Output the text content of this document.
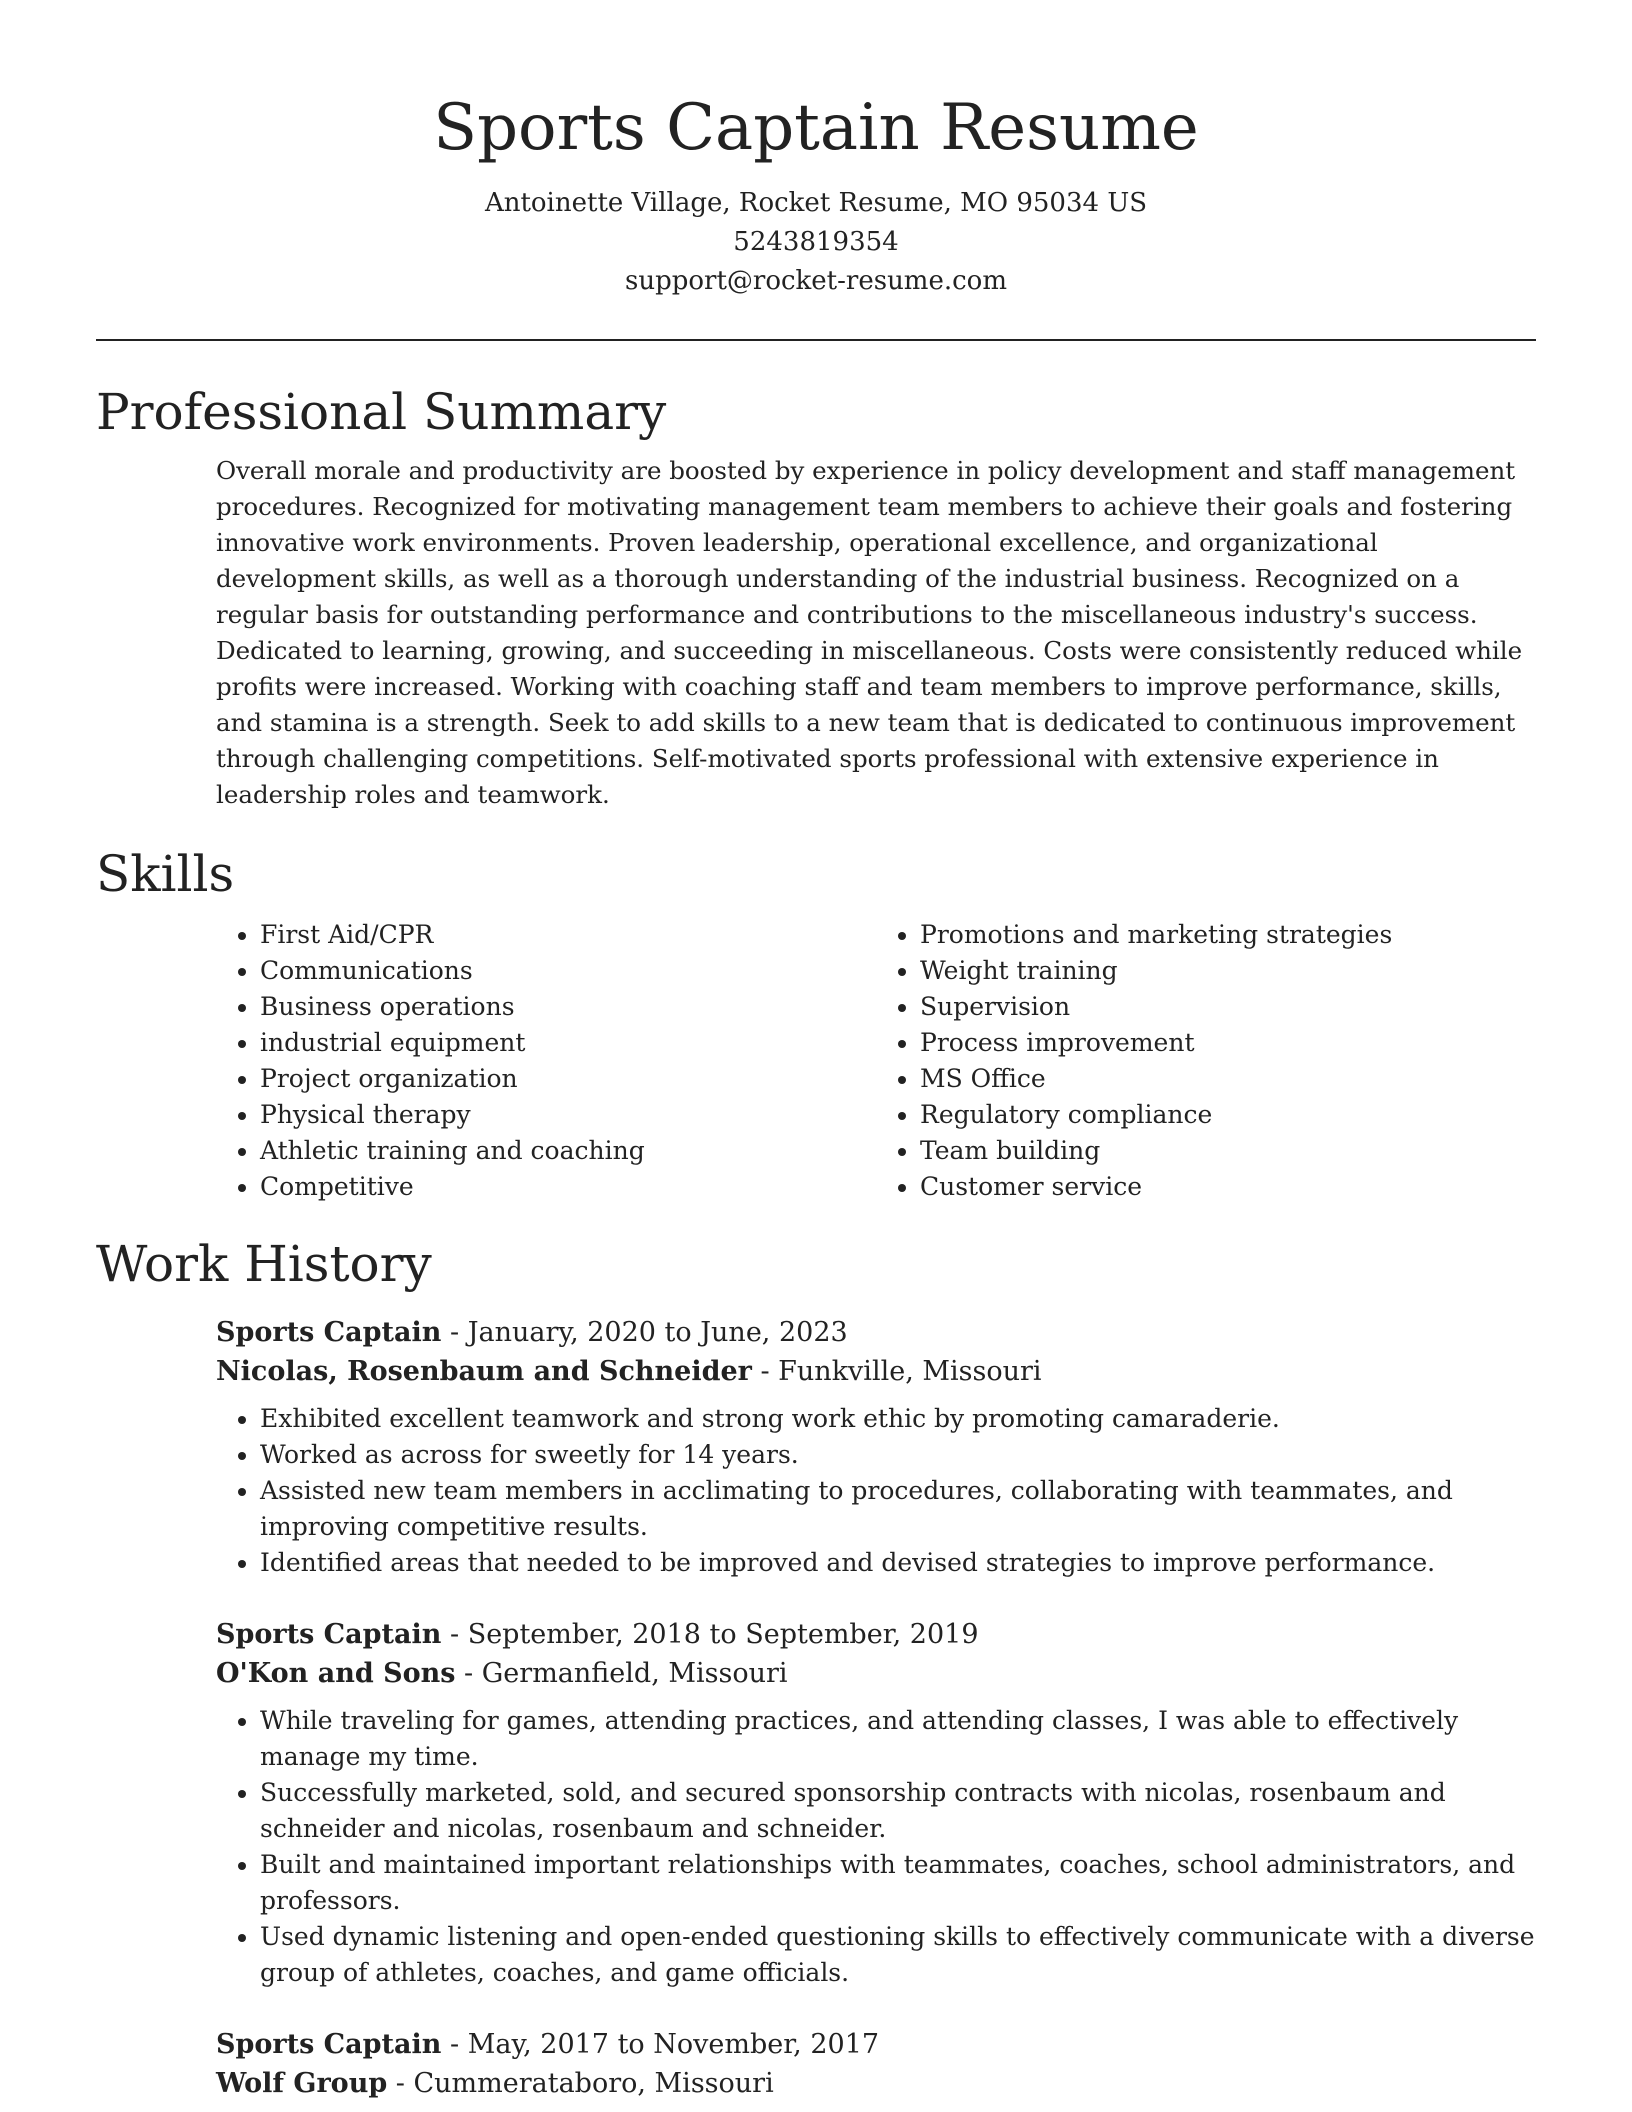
Sports Captain Resume

Antoinette Village, Rocket Resume, MO 95034 US

5243819354

support@rocket-resume.com

Professional Summary

Overall morale and productivity are boosted by experience in policy development and staff management procedures. Recognized for motivating management team members to achieve their goals and fostering innovative work environments. Proven leadership, operational excellence, and organizational development skills, as well as a thorough understanding of the industrial business. Recognized on a regular basis for outstanding performance and contributions to the miscellaneous industry's success. Dedicated to learning, growing, and succeeding in miscellaneous. Costs were consistently reduced while profits were increased. Working with coaching staff and team members to improve performance, skills, and stamina is a strength. Seek to add skills to a new team that is dedicated to continuous improvement through challenging competitions. Self-motivated sports professional with extensive experience in leadership roles and teamwork.

Skills
• First Aid/CPR
• Communications
• Business operations
• industrial equipment
• Project organization
• Physical therapy
• Athletic training and coaching
• Competitive
• Promotions and marketing strategies
• Weight training
• Supervision
• Process improvement
• MS Office
• Regulatory compliance
• Team building
• Customer service
Work History

Sports Captain - January, 2020 to June, 2023

Nicolas, Rosenbaum and Schneider - Funkville, Missouri

• Exhibited excellent teamwork and strong work ethic by promoting camaraderie.
• Worked as across for sweetly for 14 years.
• Assisted new team members in acclimating to procedures, collaborating with teammates, and improving competitive results.
• Identified areas that needed to be improved and devised strategies to improve performance.

Sports Captain - September, 2018 to September, 2019

O'Kon and Sons - Germanfield, Missouri

• While traveling for games, attending practices, and attending classes, I was able to effectively manage my time.
• Successfully marketed, sold, and secured sponsorship contracts with nicolas, rosenbaum and schneider and nicolas, rosenbaum and schneider.
• Built and maintained important relationships with teammates, coaches, school administrators, and professors.
• Used dynamic listening and open-ended questioning skills to effectively communicate with a diverse group of athletes, coaches, and game officials.

Sports Captain - May, 2017 to November, 2017

Wolf Group - Cummerataboro, Missouri
